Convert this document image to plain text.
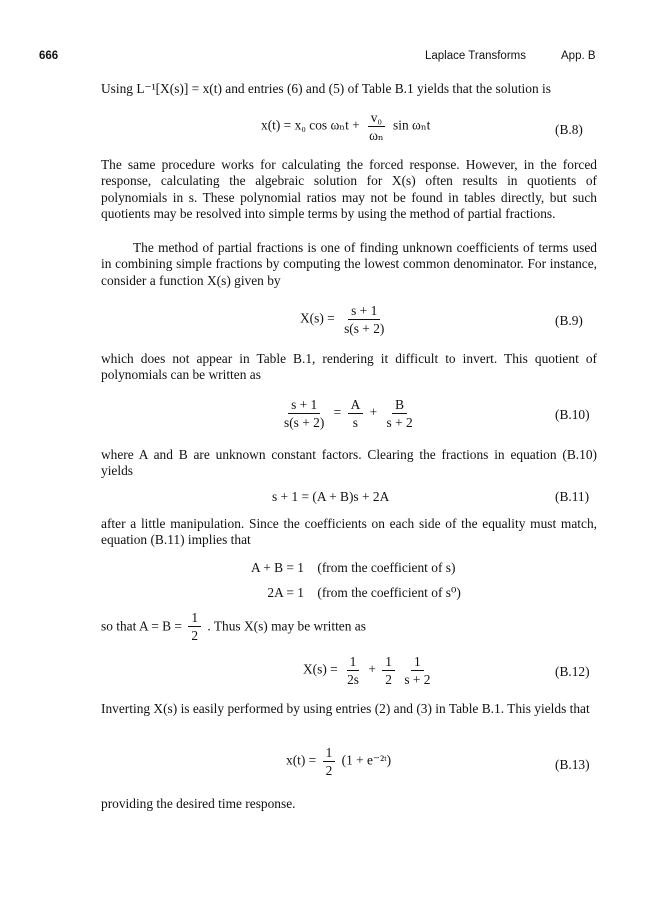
666	Laplace Transforms	App. B
Using L⁻¹[X(s)] = x(t) and entries (6) and (5) of Table B.1 yields that the solution is
x(t) = x₀ $\cos \omega_nt + \frac{\text{v₀}}{\text{ωₙ}}$ sin ωₙt	(B.8)
The same procedure works for calculating the forced response. However, in the forced response, calculating the algebraic solution for X(s) often results in quotients of polynomials in s. These polynomial ratios may not be found in tables directly, but such quotients may be resolved into simple terms by using the method of partial fractions.
The method of partial fractions is one of finding unknown coefficients of terms used in combining simple fractions by computing the lowest common denominator. For instance, consider a function X(s) given by
$X(s) = \frac{s + 1}{s(s + 2)}$	(B.9)
which does not appear in Table B.1, rendering it difficult to invert. This quotient of polynomials can be written as
$\frac{s + 1}{s(s + 2)} = \frac{A}{s} + \frac{B}{s + 2}$	(B.10)
where A and B are unknown constant factors. Clearing the fractions in equation (B.10) yields
s + 1 = (A + B)s + 2A	(B.11)
after a little manipulation. Since the coefficients on each side of the equality must match, equation (B.11) implies that
A + B = 1 (from the coefficient of s)
2A = 1 (from the coefficient of s⁰)
so that $A = B = \frac{1}{2}$ . Thus X(s) may be written as
$X(s) = \frac{1}{2s} + \frac{1}{2}$
$\frac{1}{s + 2}$	(B.12)
Inverting X(s) is easily performed by using entries (2) and (3) in Table B.1. This yields that
$x(t) = \frac{1}{2} (1$ + e⁻²ᵗ)	(B.13)
providing the desired time response.
